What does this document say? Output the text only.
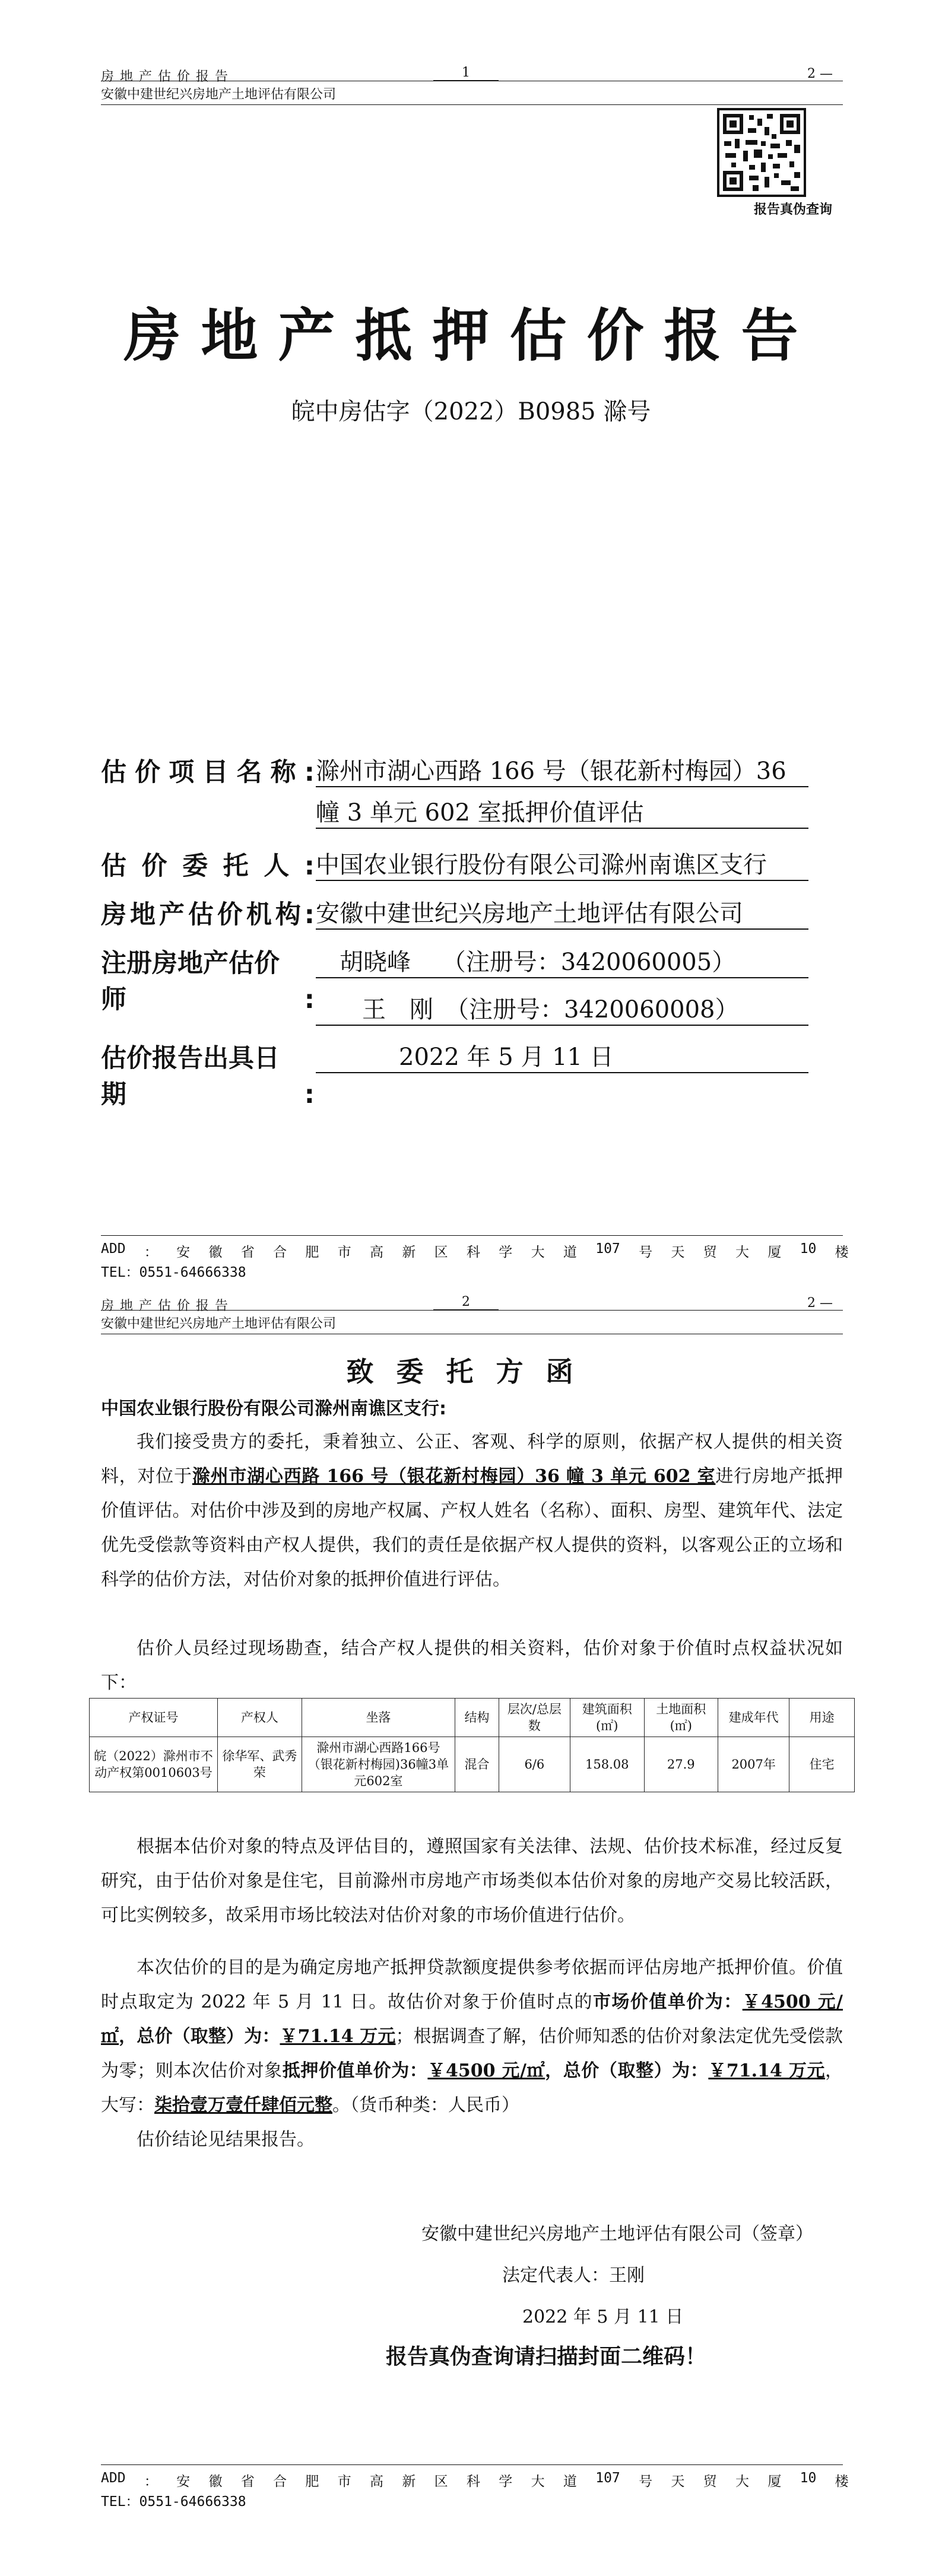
房地产估价报告
安徽中建世纪兴房地产土地评估有限公司
1	2 —
报告真伪查询
房地产抵押估价报告
皖中房估字（2022）B0985 滁号
估价项目名称: 滁州市湖心西路 166 号（银花新村梅园）36
幢 3 单元 602 室抵押价值评估
估价委托人: 中国农业银行股份有限公司滁州南谯区支行
房地产估价机构: 安徽中建世纪兴房地产土地评估有限公司
注册房地产估价师:
胡晓峰　 （注册号：3420060005）
王　刚　（注册号：3420060008）
估价报告出具日期:
2022 年 5 月 11 日
ADD ： 安 徽 省 合 肥 市 高 新 区 科 学 大 道 107 号 天 贸 大 厦 10 楼
TEL：0551-64666338
房地产估价报告
安徽中建世纪兴房地产土地评估有限公司
2	2 —
致委托方函
中国农业银行股份有限公司滁州南谯区支行:
我们接受贵方的委托，秉着独立、公正、客观、科学的原则，依据产权人提供的相关资料，对位于滁州市湖心西路 166 号（银花新村梅园）36 幢 3 单元 602 室进行房地产抵押价值评估。对估价中涉及到的房地产权属、产权人姓名（名称）、面积、房型、建筑年代、法定优先受偿款等资料由产权人提供，我们的责任是依据产权人提供的资料，以客观公正的立场和科学的估价方法，对估价对象的抵押价值进行评估。
估价人员经过现场勘查，结合产权人提供的相关资料，估价对象于价值时点权益状况如下：
产权证号	产权人	坐落	结构	层次/总层数	建筑面积(㎡)	土地面积(㎡)	建成年代	用途
皖（2022）滁州市不动产权第0010603号	徐华军、武秀荣	滁州市湖心西路166号（银花新村梅园)36幢3单元602室	混合	6/6	158.08	27.9	2007年	住宅
根据本估价对象的特点及评估目的，遵照国家有关法律、法规、估价技术标准，经过反复研究，由于估价对象是住宅，目前滁州市房地产市场类似本估价对象的房地产交易比较活跃，可比实例较多，故采用市场比较法对估价对象的市场价值进行估价。
本次估价的目的是为确定房地产抵押贷款额度提供参考依据而评估房地产抵押价值。价值时点取定为 2022 年 5 月 11 日。故估价对象于价值时点的市场价值单价为：￥4500 元/㎡，总价（取整）为：￥71.14 万元；根据调查了解，估价师知悉的估价对象法定优先受偿款为零；则本次估价对象抵押价值单价为：￥4500 元/㎡，总价（取整）为：￥71.14 万元，大写：柒拾壹万壹仟肆佰元整。（货币种类：人民币）
估价结论见结果报告。
安徽中建世纪兴房地产土地评估有限公司（签章）
法定代表人：王刚
2022 年 5 月 11 日
报告真伪查询请扫描封面二维码！
ADD ： 安 徽 省 合 肥 市 高 新 区 科 学 大 道 107 号 天 贸 大 厦 10 楼
TEL：0551-64666338
